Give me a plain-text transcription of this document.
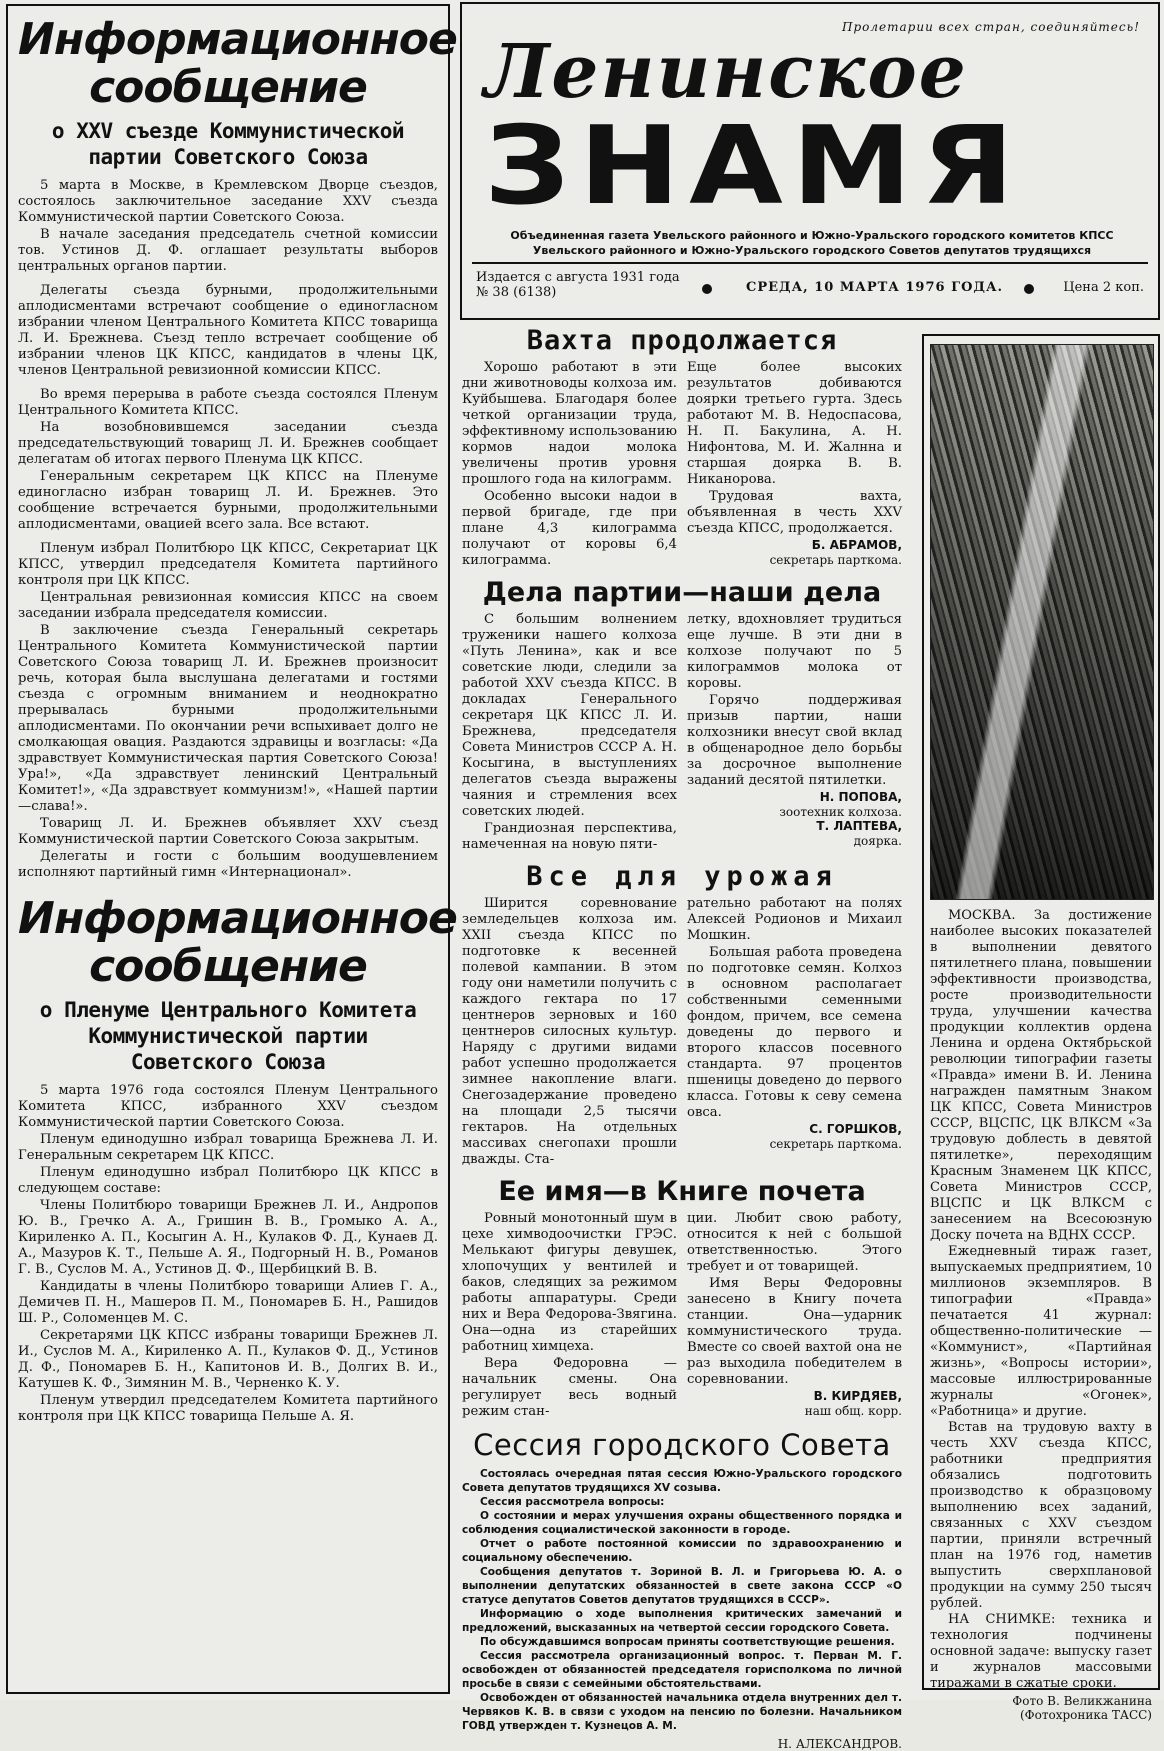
Информационное
сообщение
о XXV съезде Коммунистической
партии Советского Союза

5 марта в Москве, в Кремлевском Дворце съездов, состоялось заключительное заседание XXV съезда Коммунистической партии Советского Союза.

В начале заседания председатель счетной комиссии тов. Устинов Д. Ф. оглашает результаты выборов центральных органов партии.

Делегаты съезда бурными, продолжительными аплодисментами встречают сообщение о единогласном избрании членом Центрального Комитета КПСС товарища Л. И. Брежнева. Съезд тепло встречает сообщение об избрании членов ЦК КПСС, кандидатов в члены ЦК, членов Центральной ревизионной комиссии КПСС.

Во время перерыва в работе съезда состоялся Пленум Центрального Комитета КПСС.

На возобновившемся заседании съезда председательствующий товарищ Л. И. Брежнев сообщает делегатам об итогах первого Пленума ЦК КПСС.

Генеральным секретарем ЦК КПСС на Пленуме единогласно избран товарищ Л. И. Брежнев. Это сообщение встречается бурными, продолжительными аплодисментами, овацией всего зала. Все встают.

Пленум избрал Политбюро ЦК КПСС, Секретариат ЦК КПСС, утвердил председателя Комитета партийного контроля при ЦК КПСС.

Центральная ревизионная комиссия КПСС на своем заседании избрала председателя комиссии.

В заключение съезда Генеральный секретарь Центрального Комитета Коммунистической партии Советского Союза товарищ Л. И. Брежнев произносит речь, которая была выслушана делегатами и гостями съезда с огромным вниманием и неоднократно прерывалась бурными продолжительными аплодисментами. По окончании речи вспыхивает долго не смолкающая овация. Раздаются здравицы и возгласы: «Да здравствует Коммунистическая партия Советского Союза! Ура!», «Да здравствует ленинский Центральный Комитет!», «Да здравствует коммунизм!», «Нашей партии—слава!».

Товарищ Л. И. Брежнев объявляет XXV съезд Коммунистической партии Советского Союза закрытым.

Делегаты и гости с большим воодушевлением исполняют партийный гимн «Интернационал».

Информационное
сообщение
о Пленуме Центрального Комитета
Коммунистической партии
Советского Союза

5 марта 1976 года состоялся Пленум Центрального Комитета КПСС, избранного XXV съездом Коммунистической партии Советского Союза.

Пленум единодушно избрал товарища Брежнева Л. И. Генеральным секретарем ЦК КПСС.

Пленум единодушно избрал Политбюро ЦК КПСС в следующем составе:

Члены Политбюро товарищи Брежнев Л. И., Андропов Ю. В., Гречко А. А., Гришин В. В., Громыко А. А., Кириленко А. П., Косыгин А. Н., Кулаков Ф. Д., Кунаев Д. А., Мазуров К. Т., Пельше А. Я., Подгорный Н. В., Романов Г. В., Суслов М. А., Устинов Д. Ф., Щербицкий В. В.

Кандидаты в члены Политбюро товарищи Алиев Г. А., Демичев П. Н., Машеров П. М., Пономарев Б. Н., Рашидов Ш. Р., Соломенцев М. С.

Секретарями ЦК КПСС избраны товарищи Брежнев Л. И., Суслов М. А., Кириленко А. П., Кулаков Ф. Д., Устинов Д. Ф., Пономарев Б. Н., Капитонов И. В., Долгих В. И., Катушев К. Ф., Зимянин М. В., Черненко К. У.

Пленум утвердил председателем Комитета партийного контроля при ЦК КПСС товарища Пельше А. Я.

Пролетарии всех стран, соединяйтесь!
Ленинское
ЗНАМЯ
Объединенная газета Увельского районного и Южно-Уральского городского комитетов КПСС
Увельского районного и Южно-Уральского городского Советов депутатов трудящихся
Издается с августа 1931 года
№ 38 (6138)	СРЕДА, 10 МАРТА 1976 ГОДА.	Цена 2 коп.
Вахта продолжается

Хорошо работают в эти дни животноводы колхоза им. Куйбышева. Благодаря более четкой организации труда, эффективному использованию кормов надои молока увеличены против уровня прошлого года на килограмм.

Особенно высоки надои в первой бригаде, где при плане 4,3 килограмма получают от коровы 6,4 килограмма.

Еще более высоких результатов добиваются доярки третьего гурта. Здесь работают М. В. Недоспасова, Н. П. Бакулина, А. Н. Нифонтова, М. И. Жалнна и старшая доярка В. В. Никанорова.

Трудовая вахта, объявленная в честь XXV съезда КПСС, продолжается.

Б. АБРАМОВ,
секретарь парткома.
Дела партии—наши дела

С большим волнением труженики нашего колхоза «Путь Ленина», как и все советские люди, следили за работой XXV съезда КПСС. В докладах Генерального секретаря ЦК КПСС Л. И. Брежнева, председателя Совета Министров СССР А. Н. Косыгина, в выступлениях делегатов съезда выражены чаяния и стремления всех советских людей.

Грандиозная перспектива, намеченная на новую пяти-

летку, вдохновляет трудиться еще лучше. В эти дни в колхозе получают по 5 килограммов молока от коровы.

Горячо поддерживая призыв партии, наши колхозники внесут свой вклад в общенародное дело борьбы за досрочное выполнение заданий десятой пятилетки.

Н. ПОПОВА,
зоотехник колхоза.
Т. ЛАПТЕВА,
доярка.
Все для урожая

Ширится соревнование земледельцев колхоза им. XXII съезда КПСС по подготовке к весенней полевой кампании. В этом году они наметили получить с каждого гектара по 17 центнеров зерновых и 160 центнеров силосных культур. Наряду с другими видами работ успешно продолжается зимнее накопление влаги. Снегозадержание проведено на площади 2,5 тысячи гектаров. На отдельных массивах снегопахи прошли дважды. Ста-

рательно работают на полях Алексей Родионов и Михаил Мошкин.

Большая работа проведена по подготовке семян. Колхоз в основном располагает собственными семенными фондом, причем, все семена доведены до первого и второго классов посевного стандарта. 97 процентов пшеницы доведено до первого класса. Готовы к севу семена овса.

С. ГОРШКОВ,
секретарь парткома.
Ее имя—в Книге почета

Ровный монотонный шум в цехе химводоочистки ГРЭС. Мелькают фигуры девушек, хлопочущих у вентилей и баков, следящих за режимом работы аппаратуры. Среди них и Вера Федорова-Звягина. Она—одна из старейших работниц химцеха.

Вера Федоровна — начальник смены. Она регулирует весь водный режим стан-

ции. Любит свою работу, относится к ней с большой ответственностью. Этого требует и от товарищей.

Имя Веры Федоровны занесено в Книгу почета станции. Она—ударник коммунистического труда. Вместе со своей вахтой она не раз выходила победителем в соревновании.

В. КИРДЯЕВ,
наш общ. корр.
Сессия городского Совета

Состоялась очередная пятая сессия Южно-Уральского городского Совета депутатов трудящихся XV созыва.

Сессия рассмотрела вопросы:

О состоянии и мерах улучшения охраны общественного порядка и соблюдения социалистической законности в городе.

Отчет о работе постоянной комиссии по здравоохранению и социальному обеспечению.

Сообщения депутатов т. Зориной В. Л. и Григорьева Ю. А. о выполнении депутатских обязанностей в свете закона СССР «О статусе депутатов Советов депутатов трудящихся в СССР».

Информацию о ходе выполнения критических замечаний и предложений, высказанных на четвертой сессии городского Совета.

По обсуждавшимся вопросам приняты соответствующие решения.

Сессия рассмотрела организационный вопрос. т. Перван М. Г. освобожден от обязанностей председателя горисполкома по личной просьбе в связи с семейными обстоятельствами.

Освобожден от обязанностей начальника отдела внутренних дел т. Червяков К. В. в связи с уходом на пенсию по болезни. Начальником ГОВД утвержден т. Кузнецов А. М.

Н. АЛЕКСАНДРОВ.

МОСКВА. За достижение наиболее высоких показателей в выполнении девятого пятилетнего плана, повышении эффективности производства, росте производительности труда, улучшении качества продукции коллектив ордена Ленина и ордена Октябрьской революции типографии газеты «Правда» имени В. И. Ленина награжден памятным Знаком ЦК КПСС, Совета Министров СССР, ВЦСПС, ЦК ВЛКСМ «За трудовую доблесть в девятой пятилетке», переходящим Красным Знаменем ЦК КПСС, Совета Министров СССР, ВЦСПС и ЦК ВЛКСМ с занесением на Всесоюзную Доску почета на ВДНХ СССР.

Ежедневный тираж газет, выпускаемых предприятием, 10 миллионов экземпляров. В типографии «Правда» печатается 41 журнал: общественно-политические — «Коммунист», «Партийная жизнь», «Вопросы истории», массовые иллюстрированные журналы «Огонек», «Работница» и другие.

Встав на трудовую вахту в честь XXV съезда КПСС, работники предприятия обязались подготовить производство к образцовому выполнению всех заданий, связанных с XXV съездом партии, приняли встречный план на 1976 год, наметив выпустить сверхплановой продукции на сумму 250 тысяч рублей.

НА СНИМКЕ: техника и технология подчинены основной задаче: выпуску газет и журналов массовыми тиражами в сжатые сроки.

Фото В. Великжанина
(Фотохроника ТАСС)
